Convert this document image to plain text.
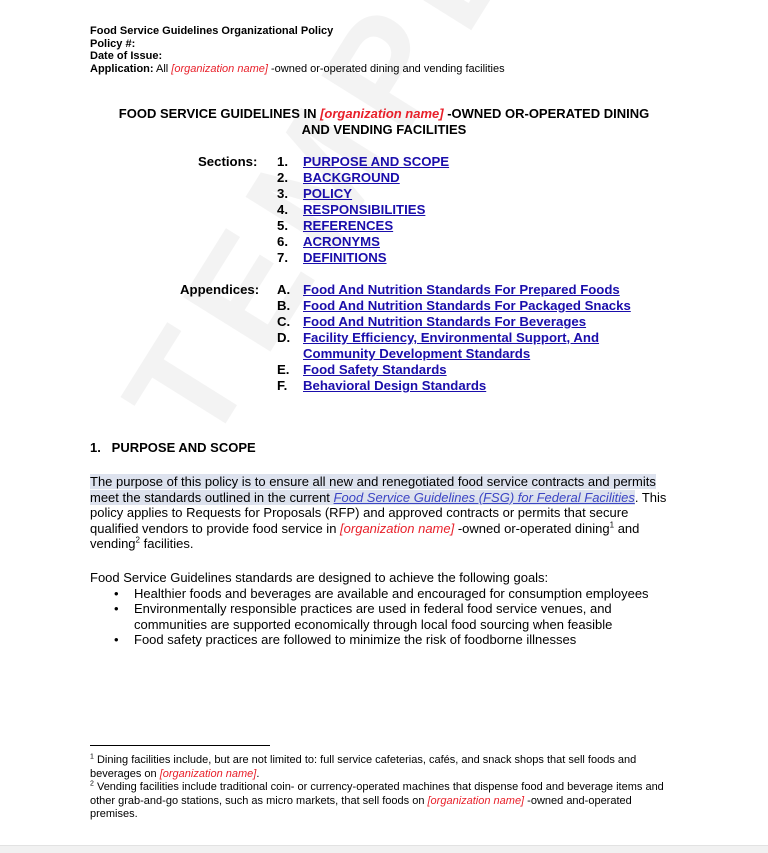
Food Service Guidelines Organizational Policy
Policy #:
Date of Issue:
Application: All [organization name] -owned or-operated dining and vending facilities
FOOD SERVICE GUIDELINES IN [organization name] -OWNED OR-OPERATED DINING
AND VENDING FACILITIES
Sections: 1.	PURPOSE AND SCOPE
2.	BACKGROUND
3.	POLICY
4.	RESPONSIBILITIES
5.	REFERENCES
6.	ACRONYMS
7.	DEFINITIONS
Appendices: A. Food And Nutrition Standards For Prepared Foods
B. Food And Nutrition Standards For Packaged Snacks
C. Food And Nutrition Standards For Beverages
D. Facility Efficiency, Environmental Support, And
Community Development Standards
E.	Food Safety Standards
F.	Behavioral Design Standards
1.   PURPOSE AND SCOPE
The purpose of this policy is to ensure all new and renegotiated food service contracts and permits meet the standards outlined in the current Food Service Guidelines (FSG) for Federal Facilities. This policy applies to Requests for Proposals (RFP) and approved contracts or permits that secure qualified vendors to provide food service in [organization name] -owned or-operated dining$^1$ and vending$^2$ facilities.
Food Service Guidelines standards are designed to achieve the following goals:
• Healthier foods and beverages are available and encouraged for consumption employees
• Environmentally responsible practices are used in federal food service venues, and communities are supported economically through local food sourcing when feasible
• Food safety practices are followed to minimize the risk of foodborne illnesses
$^1$ Dining facilities include, but are not limited to: full service cafeterias, cafés, and snack shops that sell foods and beverages on [organization name].
$^2$ Vending facilities include traditional coin- or currency-operated machines that dispense food and beverage items and other grab-and-go stations, such as micro markets, that sell foods on [organization name] -owned and-operated premises.
